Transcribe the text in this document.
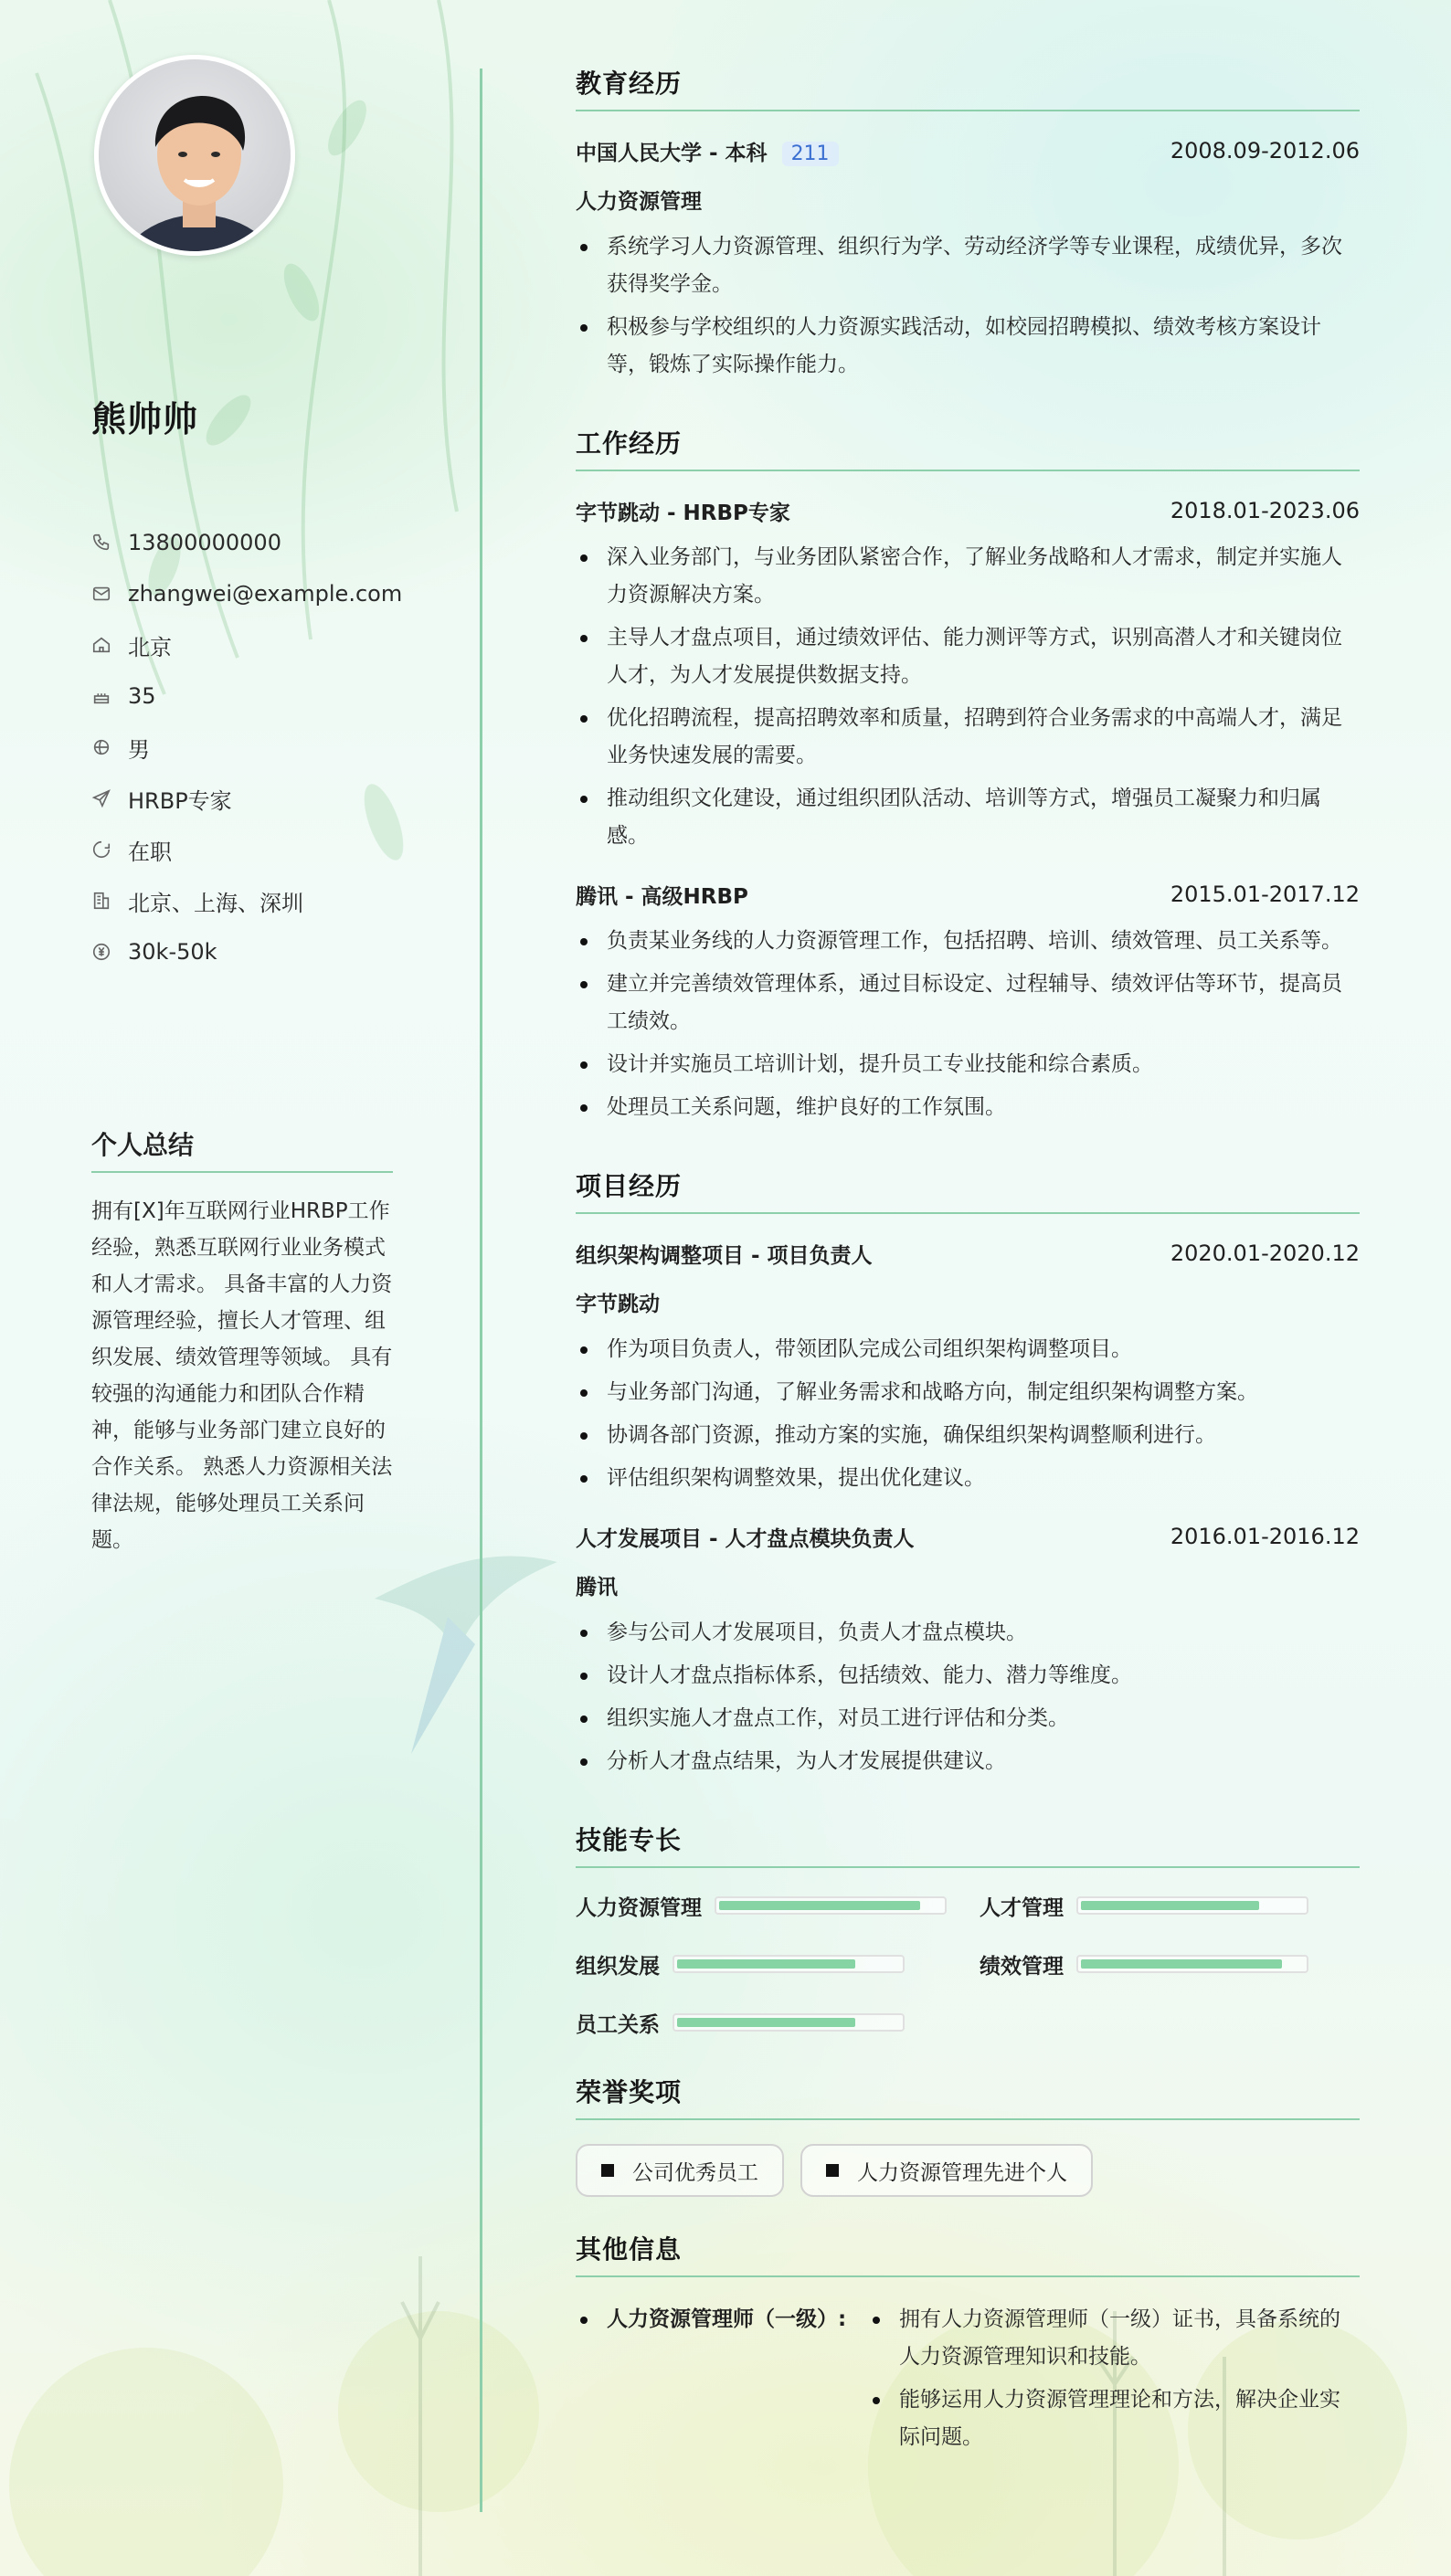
熊帅帅
13800000000
zhangwei@example.com
北京
35
男
HRBP专家
在职
北京、上海、深圳
30k-50k
个人总结
拥有[X]年互联网行业HRBP工作经验，熟悉互联网行业业务模式和人才需求。 具备丰富的人力资源管理经验，擅长人才管理、组织发展、绩效管理等领域。 具有较强的沟通能力和团队合作精神，能够与业务部门建立良好的合作关系。 熟悉人力资源相关法律法规，能够处理员工关系问题。
教育经历
中国人民大学 - 本科 211	2008.09-2012.06
人力资源管理
系统学习人力资源管理、组织行为学、劳动经济学等专业课程，成绩优异，多次获得奖学金。
积极参与学校组织的人力资源实践活动，如校园招聘模拟、绩效考核方案设计等，锻炼了实际操作能力。
工作经历
字节跳动 - HRBP专家	2018.01-2023.06
深入业务部门，与业务团队紧密合作，了解业务战略和人才需求，制定并实施人力资源解决方案。
主导人才盘点项目，通过绩效评估、能力测评等方式，识别高潜人才和关键岗位人才，为人才发展提供数据支持。
优化招聘流程，提高招聘效率和质量，招聘到符合业务需求的中高端人才，满足业务快速发展的需要。
推动组织文化建设，通过组织团队活动、培训等方式，增强员工凝聚力和归属感。
腾讯 - 高级HRBP	2015.01-2017.12
负责某业务线的人力资源管理工作，包括招聘、培训、绩效管理、员工关系等。
建立并完善绩效管理体系，通过目标设定、过程辅导、绩效评估等环节，提高员工绩效。
设计并实施员工培训计划，提升员工专业技能和综合素质。
处理员工关系问题，维护良好的工作氛围。
项目经历
组织架构调整项目 - 项目负责人	2020.01-2020.12
字节跳动
作为项目负责人，带领团队完成公司组织架构调整项目。
与业务部门沟通，了解业务需求和战略方向，制定组织架构调整方案。
协调各部门资源，推动方案的实施，确保组织架构调整顺利进行。
评估组织架构调整效果，提出优化建议。
人才发展项目 - 人才盘点模块负责人	2016.01-2016.12
腾讯
参与公司人才发展项目，负责人才盘点模块。
设计人才盘点指标体系，包括绩效、能力、潜力等维度。
组织实施人才盘点工作，对员工进行评估和分类。
分析人才盘点结果，为人才发展提供建议。
技能专长
人力资源管理	人才管理
组织发展	绩效管理
员工关系
荣誉奖项
公司优秀员工	人力资源管理先进个人
其他信息
人力资源管理师（一级）:	拥有人力资源管理师（一级）证书，具备系统的人力资源管理知识和技能。
能够运用人力资源管理理论和方法，解决企业实际问题。
